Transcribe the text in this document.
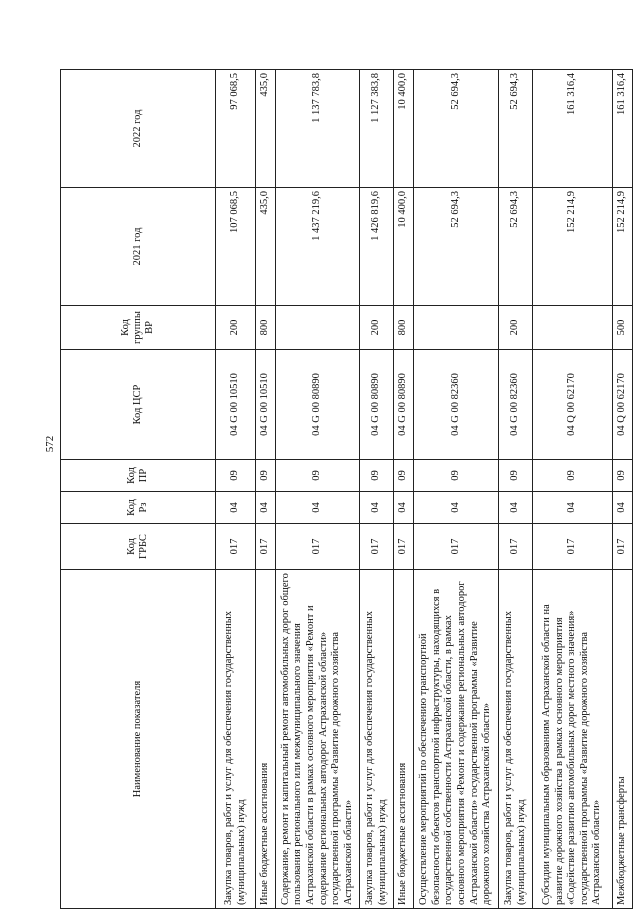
572
Наименование показателя	Код ГРБС	Код Рз	Код ПР	Код ЦСР	Код группы ВР	2021 год	2022 год
Закупка товаров, работ и услуг для обеспечения государственных (муниципальных) нужд	017	04	09	04 G 00 10510	200	107 068,5	97 068,5
Иные бюджетные ассигнования	017	04	09	04 G 00 10510	800	435,0	435,0
Содержание, ремонт и капитальный ремонт автомобильных дорог общего пользования регионального или межмуниципального значения Астраханской области в рамках основного мероприятия «Ремонт и содержание региональных автодорог Астраханской области» государственной программы «Развитие дорожного хозяйства Астраханской области»	017	04	09	04 G 00 80890		1 437 219,6	1 137 783,8
Закупка товаров, работ и услуг для обеспечения государственных (муниципальных) нужд	017	04	09	04 G 00 80890	200	1 426 819,6	1 127 383,8
Иные бюджетные ассигнования	017	04	09	04 G 00 80890	800	10 400,0	10 400,0
Осуществление мероприятий по обеспечению транспортной безопасности объектов транспортной инфраструктуры, находящихся в государственной собственности Астраханской области, в рамках основного мероприятия «Ремонт и содержание региональных автодорог Астраханской области» государственной программы «Развитие дорожного хозяйства Астраханской области»	017	04	09	04 G 00 82360		52 694,3	52 694,3
Закупка товаров, работ и услуг для обеспечения государственных (муниципальных) нужд	017	04	09	04 G 00 82360	200	52 694,3	52 694,3
Субсидии муниципальным образованиям Астраханской области на развитие дорожного хозяйства в рамках основного мероприятия «Содействие развитию автомобильных дорог местного значения» государственной программы «Развитие дорожного хозяйства Астраханской области»	017	04	09	04 Q 00 62170		152 214,9	161 316,4
Межбюджетные трансферты	017	04	09	04 Q 00 62170	500	152 214,9	161 316,4
